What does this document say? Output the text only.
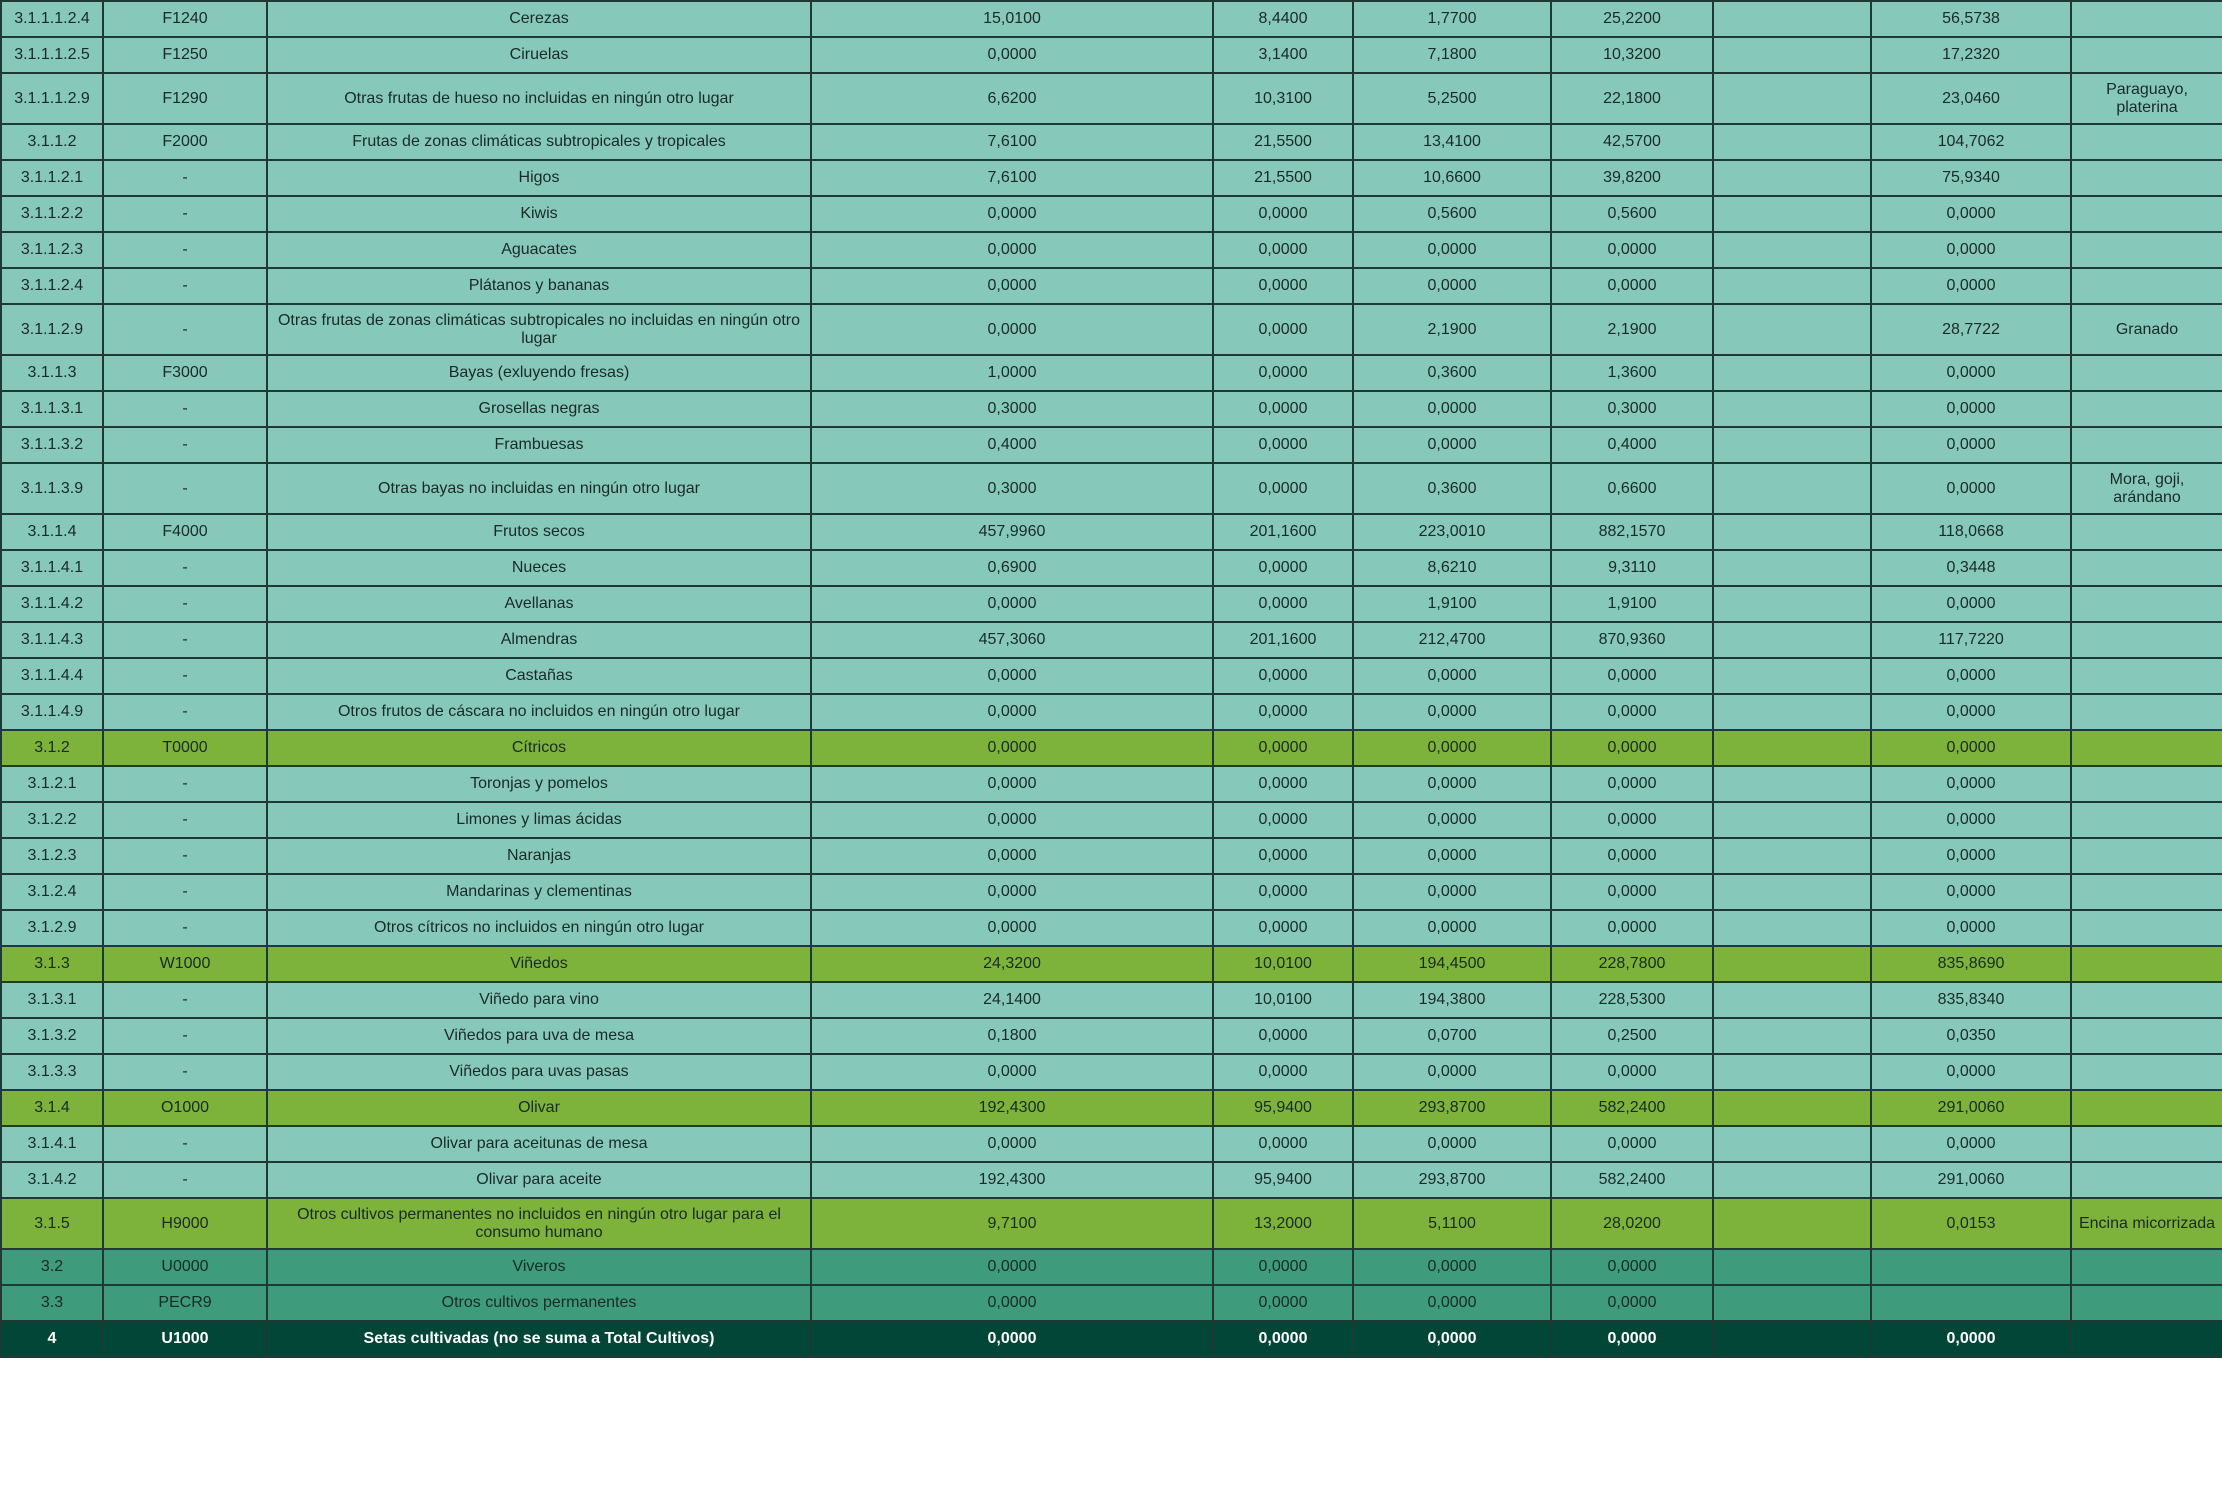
3.1.1.1.2.4	F1240	Cerezas	15,0100	8,4400	1,7700	25,2200		56,5738	
3.1.1.1.2.5	F1250	Ciruelas	0,0000	3,1400	7,1800	10,3200		17,2320	
3.1.1.1.2.9	F1290	Otras frutas de hueso no incluidas en ningún otro lugar	6,6200	10,3100	5,2500	22,1800		23,0460	Paraguayo, platerina
3.1.1.2	F2000	Frutas de zonas climáticas subtropicales y tropicales	7,6100	21,5500	13,4100	42,5700		104,7062	
3.1.1.2.1	-	Higos	7,6100	21,5500	10,6600	39,8200		75,9340	
3.1.1.2.2	-	Kiwis	0,0000	0,0000	0,5600	0,5600		0,0000	
3.1.1.2.3	-	Aguacates	0,0000	0,0000	0,0000	0,0000		0,0000	
3.1.1.2.4	-	Plátanos y bananas	0,0000	0,0000	0,0000	0,0000		0,0000	
3.1.1.2.9	-	Otras frutas de zonas climáticas subtropicales no incluidas en ningún otro lugar	0,0000	0,0000	2,1900	2,1900		28,7722	Granado
3.1.1.3	F3000	Bayas (exluyendo fresas)	1,0000	0,0000	0,3600	1,3600		0,0000	
3.1.1.3.1	-	Grosellas negras	0,3000	0,0000	0,0000	0,3000		0,0000	
3.1.1.3.2	-	Frambuesas	0,4000	0,0000	0,0000	0,4000		0,0000	
3.1.1.3.9	-	Otras bayas no incluidas en ningún otro lugar	0,3000	0,0000	0,3600	0,6600		0,0000	Mora, goji, arándano
3.1.1.4	F4000	Frutos secos	457,9960	201,1600	223,0010	882,1570		118,0668	
3.1.1.4.1	-	Nueces	0,6900	0,0000	8,6210	9,3110		0,3448	
3.1.1.4.2	-	Avellanas	0,0000	0,0000	1,9100	1,9100		0,0000	
3.1.1.4.3	-	Almendras	457,3060	201,1600	212,4700	870,9360		117,7220	
3.1.1.4.4	-	Castañas	0,0000	0,0000	0,0000	0,0000		0,0000	
3.1.1.4.9	-	Otros frutos de cáscara no incluidos en ningún otro lugar	0,0000	0,0000	0,0000	0,0000		0,0000	
3.1.2	T0000	Cítricos	0,0000	0,0000	0,0000	0,0000		0,0000	
3.1.2.1	-	Toronjas y pomelos	0,0000	0,0000	0,0000	0,0000		0,0000	
3.1.2.2	-	Limones y limas ácidas	0,0000	0,0000	0,0000	0,0000		0,0000	
3.1.2.3	-	Naranjas	0,0000	0,0000	0,0000	0,0000		0,0000	
3.1.2.4	-	Mandarinas y clementinas	0,0000	0,0000	0,0000	0,0000		0,0000	
3.1.2.9	-	Otros cítricos no incluidos en ningún otro lugar	0,0000	0,0000	0,0000	0,0000		0,0000	
3.1.3	W1000	Viñedos	24,3200	10,0100	194,4500	228,7800		835,8690	
3.1.3.1	-	Viñedo para vino	24,1400	10,0100	194,3800	228,5300		835,8340	
3.1.3.2	-	Viñedos para uva de mesa	0,1800	0,0000	0,0700	0,2500		0,0350	
3.1.3.3	-	Viñedos para uvas pasas	0,0000	0,0000	0,0000	0,0000		0,0000	
3.1.4	O1000	Olivar	192,4300	95,9400	293,8700	582,2400		291,0060	
3.1.4.1	-	Olivar para aceitunas de mesa	0,0000	0,0000	0,0000	0,0000		0,0000	
3.1.4.2	-	Olivar para aceite	192,4300	95,9400	293,8700	582,2400		291,0060	
3.1.5	H9000	Otros cultivos permanentes no incluidos en ningún otro lugar para el consumo humano	9,7100	13,2000	5,1100	28,0200		0,0153	Encina micorrizada
3.2	U0000	Viveros	0,0000	0,0000	0,0000	0,0000			
3.3	PECR9	Otros cultivos permanentes	0,0000	0,0000	0,0000	0,0000			
4	U1000	Setas cultivadas (no se suma a Total Cultivos)	0,0000	0,0000	0,0000	0,0000		0,0000	
